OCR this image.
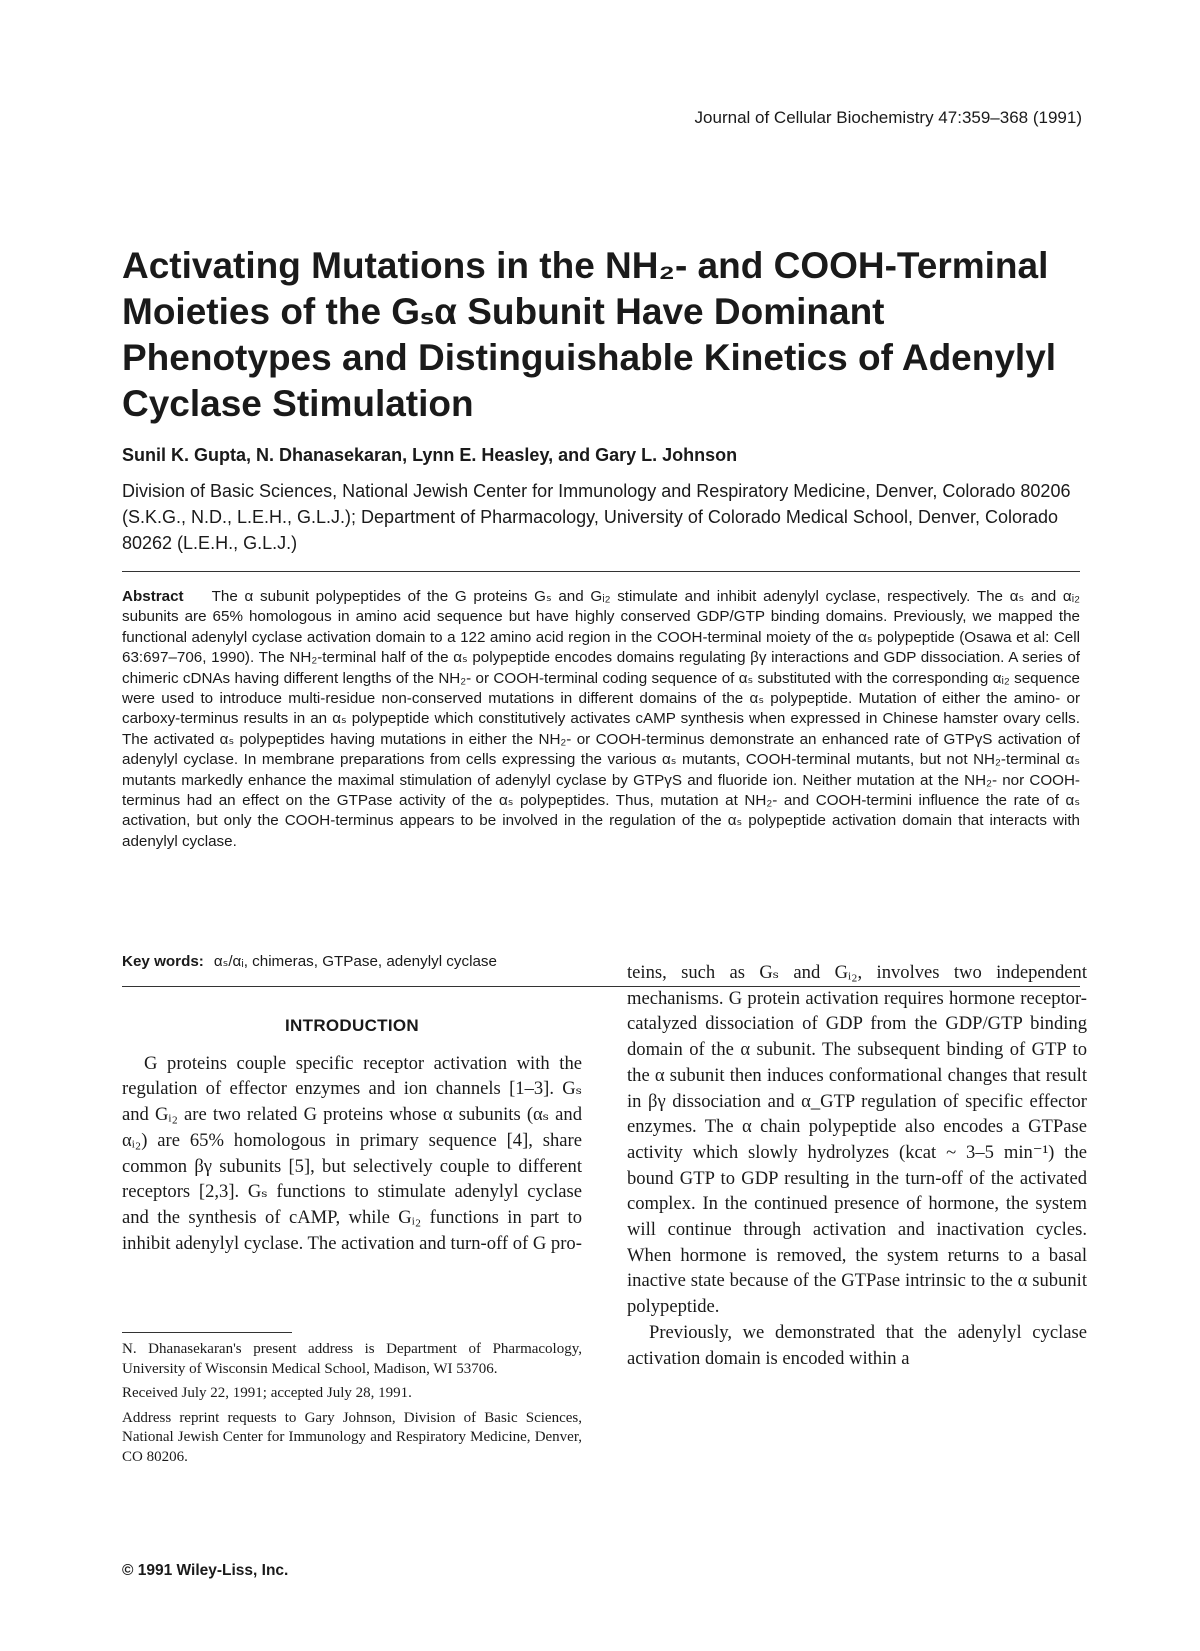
Journal of Cellular Biochemistry 47:359–368 (1991)
Activating Mutations in the NH₂- and COOH-Terminal Moieties of the Gₛα Subunit Have Dominant Phenotypes and Distinguishable Kinetics of Adenylyl Cyclase Stimulation
Sunil K. Gupta, N. Dhanasekaran, Lynn E. Heasley, and Gary L. Johnson
Division of Basic Sciences, National Jewish Center for Immunology and Respiratory Medicine, Denver, Colorado 80206 (S.K.G., N.D., L.E.H., G.L.J.); Department of Pharmacology, University of Colorado Medical School, Denver, Colorado 80262 (L.E.H., G.L.J.)
Abstract The α subunit polypeptides of the G proteins Gₛ and Gᵢ₂ stimulate and inhibit adenylyl cyclase, respectively. The αₛ and αᵢ₂ subunits are 65% homologous in amino acid sequence but have highly conserved GDP/GTP binding domains. Previously, we mapped the functional adenylyl cyclase activation domain to a 122 amino acid region in the COOH-terminal moiety of the αₛ polypeptide (Osawa et al: Cell 63:697–706, 1990). The NH₂-terminal half of the αₛ polypeptide encodes domains regulating βγ interactions and GDP dissociation. A series of chimeric cDNAs having different lengths of the NH₂- or COOH-terminal coding sequence of αₛ substituted with the corresponding αᵢ₂ sequence were used to introduce multi-residue non-conserved mutations in different domains of the αₛ polypeptide. Mutation of either the amino- or carboxy-terminus results in an αₛ polypeptide which constitutively activates cAMP synthesis when expressed in Chinese hamster ovary cells. The activated αₛ polypeptides having mutations in either the NH₂- or COOH-terminus demonstrate an enhanced rate of GTPγS activation of adenylyl cyclase. In membrane preparations from cells expressing the various αₛ mutants, COOH-terminal mutants, but not NH₂-terminal αₛ mutants markedly enhance the maximal stimulation of adenylyl cyclase by GTPγS and fluoride ion. Neither mutation at the NH₂- nor COOH-terminus had an effect on the GTPase activity of the αₛ polypeptides. Thus, mutation at NH₂- and COOH-termini influence the rate of αₛ activation, but only the COOH-terminus appears to be involved in the regulation of the αₛ polypeptide activation domain that interacts with adenylyl cyclase.
Key words: αₛ/αᵢ, chimeras, GTPase, adenylyl cyclase
INTRODUCTION

G proteins couple specific receptor activation with the regulation of effector enzymes and ion channels [1–3]. Gₛ and Gᵢ₂ are two related G proteins whose α subunits (αₛ and αᵢ₂) are 65% homologous in primary sequence [4], share common βγ subunits [5], but selectively couple to different receptors [2,3]. Gₛ functions to stimulate adenylyl cyclase and the synthesis of cAMP, while Gᵢ₂ functions in part to inhibit adenylyl cyclase. The activation and turn-off of G pro-

teins, such as Gₛ and Gᵢ₂, involves two independent mechanisms. G protein activation requires hormone receptor-catalyzed dissociation of GDP from the GDP/GTP binding domain of the α subunit. The subsequent binding of GTP to the α subunit then induces conformational changes that result in βγ dissociation and α_GTP regulation of specific effector enzymes. The α chain polypeptide also encodes a GTPase activity which slowly hydrolyzes (kcat ~ 3–5 min⁻¹) the bound GTP to GDP resulting in the turn-off of the activated complex. In the continued presence of hormone, the system will continue through activation and inactivation cycles. When hormone is removed, the system returns to a basal inactive state because of the GTPase intrinsic to the α subunit polypeptide.

Previously, we demonstrated that the adenylyl cyclase activation domain is encoded within a

N. Dhanasekaran's present address is Department of Pharmacology, University of Wisconsin Medical School, Madison, WI 53706.

Received July 22, 1991; accepted July 28, 1991.

Address reprint requests to Gary Johnson, Division of Basic Sciences, National Jewish Center for Immunology and Respiratory Medicine, Denver, CO 80206.

© 1991 Wiley-Liss, Inc.
